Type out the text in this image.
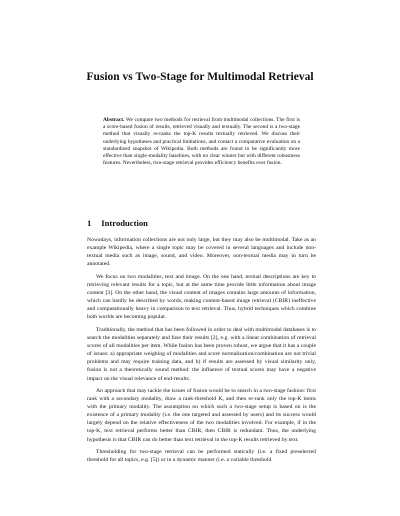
Fusion vs Two-Stage for Multimodal Retrieval
Abstract. We compare two methods for retrieval from multimodal collections. The first is a score-based fusion of results, retrieved visually and textually. The second is a two-stage method that visually re-ranks the top-K results textually retrieved. We discuss their underlying hypotheses and practical limitations, and contact a comparative evaluation on a standardized snapshot of Wikipedia. Both methods are found to be significantly more effective than single-modality baselines, with no clear winner but with different robustness features. Nevertheless, two-stage retrieval provides efficiency benefits over fusion.
1 Introduction

Nowadays, information collections are not only large, but they may also be multimodal. Take as an example Wikipedia, where a single topic may be covered in several languages and include non-textual media such as image, sound, and video. Moreover, non-textual media may in turn be annotated.

We focus on two modalities, text and image. On the one hand, textual descriptions are key to retrieving relevant results for a topic, but at the same time provide little information about image content [3]. On the other hand, the visual content of images contains large amounts of information, which can hardly be described by words, making content-based image retrieval (CBIR) ineffective and computationally heavy in comparison to text retrieval. Thus, hybrid techniques which combine both worlds are becoming popular.

Traditionally, the method that has been followed in order to deal with multimodal databases is to search the modalities separately and fuse their results [2], e.g. with a linear combination of retrieval scores of all modalities per item. While fusion has been proven robust, we argue that it has a couple of issues: a) appropriate weighing of modalities and score normalization/combination are not trivial problems and may require training data, and b) if results are assessed by visual similarity only, fusion is not a theoretically sound method: the influence of textual scores may have a negative impact on the visual relevance of end-results.

An approach that may tackle the issues of fusion would be to search in a two-stage fashion: first rank with a secondary modality, draw a rank-threshold K, and then re-rank only the top-K items with the primary modality. The assumption on which such a two-stage setup is based on is the existence of a primary modality (i.e. the one targeted and assessed by users) and its success would largely depend on the relative effectiveness of the two modalities involved. For example, if in the top-K, text retrieval performs better than CBIR, then CBIR is redundant. Thus, the underlying hypothesis is that CBIR can do better than text retrieval in the top-K results retrieved by text.

Thresholding for two-stage retrieval can be performed statically (i.e. a fixed preselected threshold for all topics, e.g. [5]) or in a dynamic manner (i.e. a variable threshold
